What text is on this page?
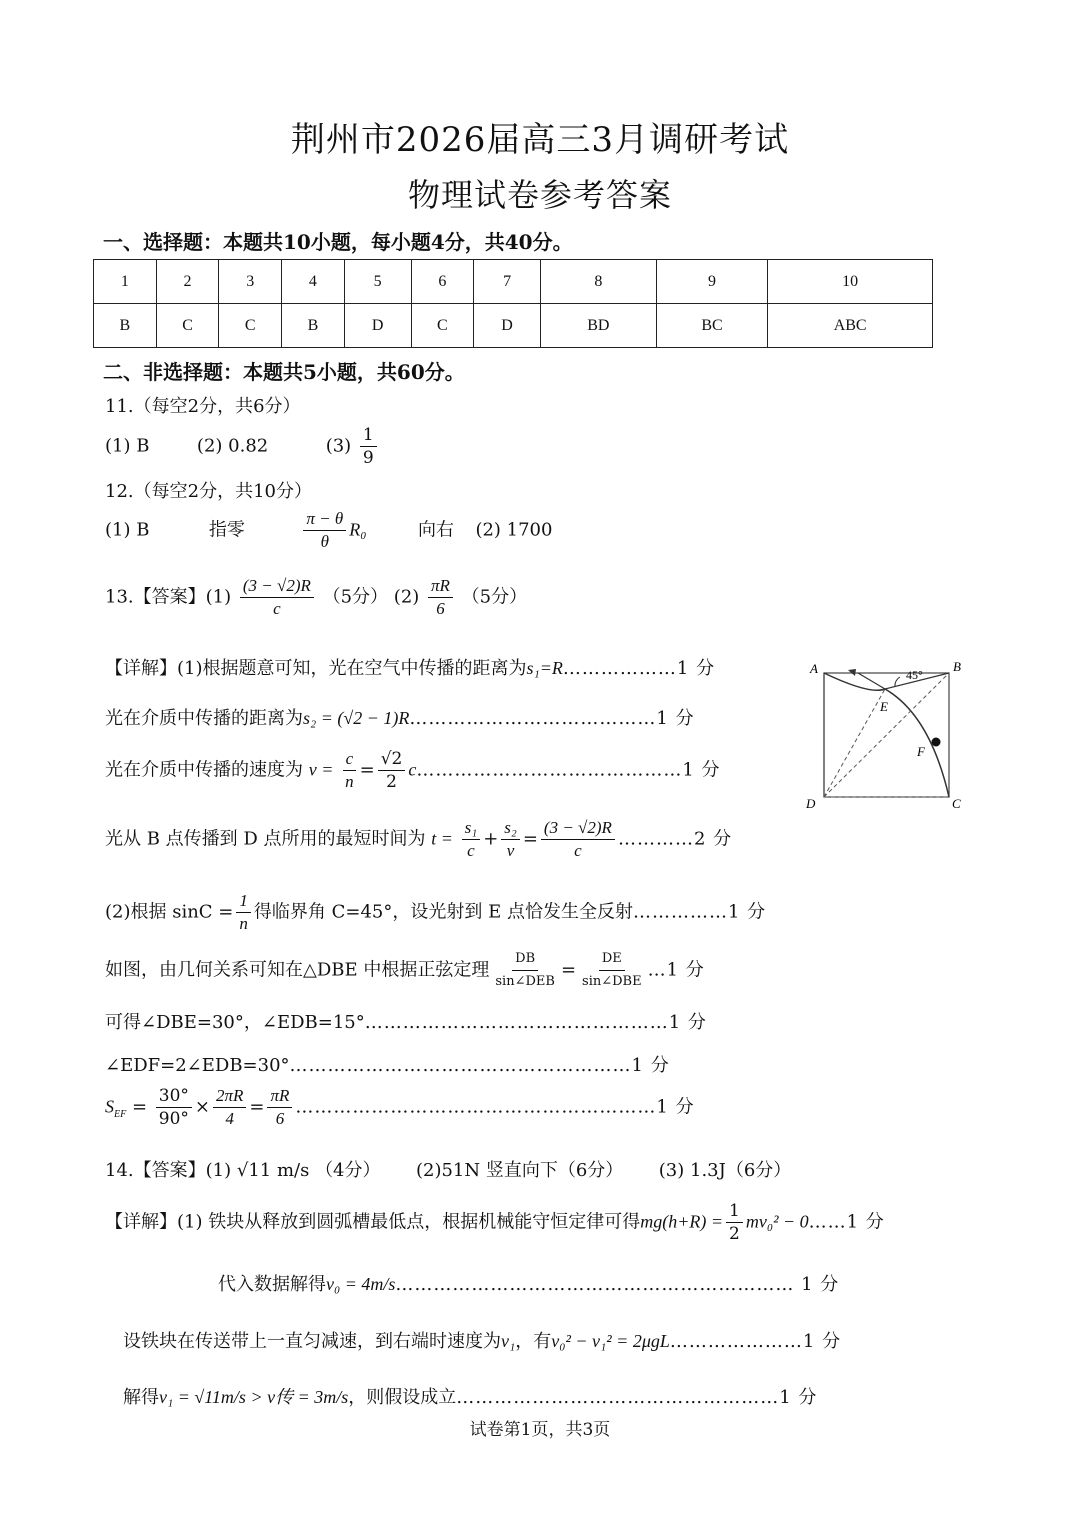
荆州市2026届高三3月调研考试
物理试卷参考答案
一、选择题：本题共10小题，每小题4分，共40分。
1	2	3	4	5	6	7	8	9	10
B	C	C	B	D	C	D	BD	BC	ABC
二、非选择题：本题共5小题，共60分。
11.（每空2分，共6分）
(1) B	(2) 0.82	$(3) \frac{1}{9}$
12.（每空2分，共10分）
(1) B	指零	$\frac{\pi - \theta}{\theta} R_0$	向右 (2) 1700
13.【答案】$(1) \frac{(3 - √2)R}{c} (5$分） $(2) \frac{\pi R}{6} (5$分）
【详解】(1)根据题意可知，光在空气中传播的距离为s₁=R………………1 分
光在介质中传播的距离为s₂ = (√2 − 1)R…………………………………1 分
光在介质中传播的速度为 $v = \frac{c}{n} = \frac{√2}{2}$ c……………………………………1 分
光从 B 点传播到 D 点所用的最短时间为 $t = \frac{\text{s₁}}{c} + \frac{\text{s₂}}{v} = \frac{(3 - √2)R}{c}$ …………2 分
(2)根据 $\sin C = \frac{1}{n}$ 得临界角 C=45°，设光射到 E 点恰发生全反射……………1 分
如图，由几何关系可知在△DBE 中根据正弦定理 $\frac{DB}{\text{sin∠DEB}} = \frac{DE}{\text{sin∠DBE}}$ …1 分
可得∠DBE=30°，∠EDB=15°…………………………………………1 分
∠EDF=2∠EDB=30°………………………………………………1 分
$S_{EF} = \frac{30^\circ}{90^\circ} \times \frac{2\pi R}{4} = \frac{\pi R}{6}$ …………………………………………………1 分
A	B
C
D
E
F
45°
14.【答案】(1) √11 m/s （4分） (2)51N 竖直向下（6分） (3) 1.3J（6分）
【详解】(1) 铁块从释放到圆弧槽最低点，根据机械能守恒定律可得$mg(h+R) = \frac{1}{2} mv_0^2$ − 0……1 分
代入数据解得v₀ = 4m/s……………………………………………………… 1 分
设铁块在传送带上一直匀减速，到右端时速度为v₁，有v₀² − v₁² = 2μgL…………………1 分
解得v₁ = √11m/s > v传 = 3m/s，则假设成立……………………………………………1 分
试卷第1页，共3页
